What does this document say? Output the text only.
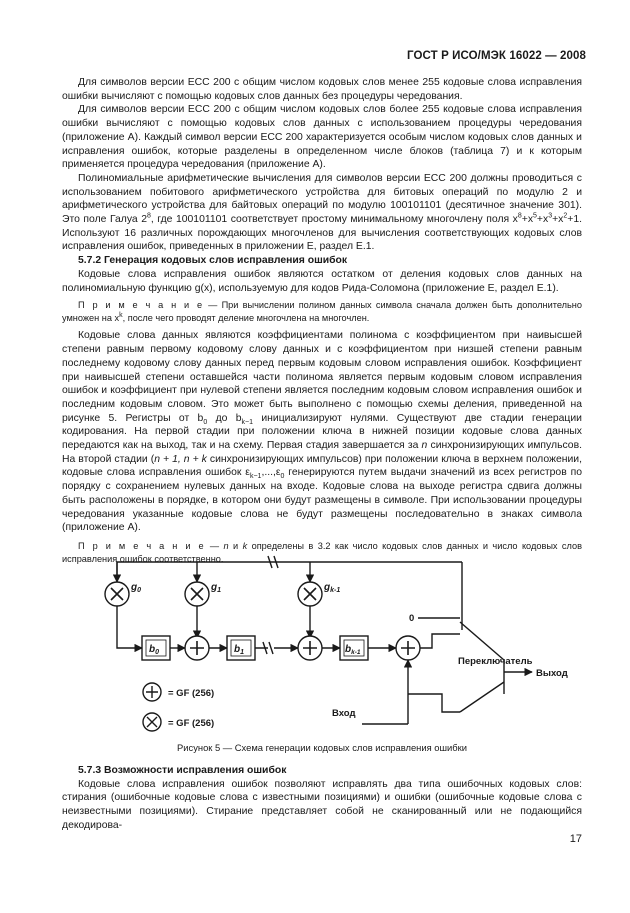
ГОСТ Р ИСО/МЭК 16022 — 2008

Для символов версии ЕСС 200 с общим числом кодовых слов менее 255 кодовые слова исправления ошибки вычисляют с помощью кодовых слов данных без процедуры чередования.

Для символов версии ЕСС 200 с общим числом кодовых слов более 255 кодовые слова исправления ошибки вычисляют с помощью кодовых слов данных с использованием процедуры чередования (приложение А). Каждый символ версии ЕСС 200 характеризуется особым числом кодовых слов данных и исправления ошибок, которые разделены в определенном числе блоков (таблица 7) и к которым применяется процедура чередования (приложение А).

Полиномиальные арифметические вычисления для символов версии ЕСС 200 должны проводиться с использованием побитового арифметического устройства для битовых операций по модулю 2 и арифметического устройства для байтовых операций по модулю 100101101 (десятичное значение 301). Это поле Галуа $2^8$, где 100101101 соответствует простому минимальному многочлену поля $x^8+x^5+x^3+x^2+1$. Используют 16 различных порождающих многочленов для вычисления соответствующих кодовых слов исправления ошибок, приведенных в приложении Е, раздел Е.1.

5.7.2 Генерация кодовых слов исправления ошибок

Кодовые слова исправления ошибок являются остатком от деления кодовых слов данных на полиномиальную функцию g(x), используемую для кодов Рида-Соломона (приложение Е, раздел Е.1).

П р и м е ч а н и е — При вычислении полином данных символа сначала должен быть дополнительно умножен на $x^k$, после чего проводят деление многочлена на многочлен.

Кодовые слова данных являются коэффициентами полинома с коэффициентом при наивысшей степени равным первому кодовому слову данных и с коэффициентом при низшей степени равным последнему кодовому слову данных перед первым кодовым словом исправления ошибок. Коэффициент при наивысшей степени оставшейся части полинома является первым кодовым словом исправления ошибок и коэффициент при нулевой степени является последним кодовым словом исправления ошибок и последним кодовым словом. Это может быть выполнено с помощью схемы деления, приведенной на рисунке 5. Регистры от $b_0$ до $b_{k-1}$ инициализируют нулями. Существуют две стадии генерации кодирования. На первой стадии при положении ключа в нижней позиции кодовые слова данных передаются как на выход, так и на схему. Первая стадия завершается за n синхронизирующих импульсов. На второй стадии (n + 1, n + k синхронизирующих импульсов) при положении ключа в верхнем положении, кодовые слова исправления ошибок $\varepsilon_{k-1},...,\varepsilon_0$ генерируются путем выдачи значений из всех регистров по порядку с сохранением нулевых данных на входе. Кодовые слова на выходе регистра сдвига должны быть расположены в порядке, в котором они будут размещены в символе. При использовании процедуры чередования указанные кодовые слова не будут размещены последовательно в знаках символа (приложение А).

П р и м е ч а н и е — n и k определены в 3.2 как число кодовых слов данных и число кодовых слов исправления ошибок соответственно.

$g_0$	$g_1$	$g_{k-1}$
$b_0$	$b_1$	$b_{k-1}$
0
Переключатель
Выход
Вход
= GF (256)
= GF (256)
Рисунок 5 — Схема генерации кодовых слов исправления ошибки
5.7.3 Возможности исправления ошибок

Кодовые слова исправления ошибок позволяют исправлять два типа ошибочных кодовых слов: стирания (ошибочные кодовые слова с известными позициями) и ошибки (ошибочные кодовые слова с неизвестными позициями). Стирание представляет собой не сканированный или не подающийся декодирова-

17
